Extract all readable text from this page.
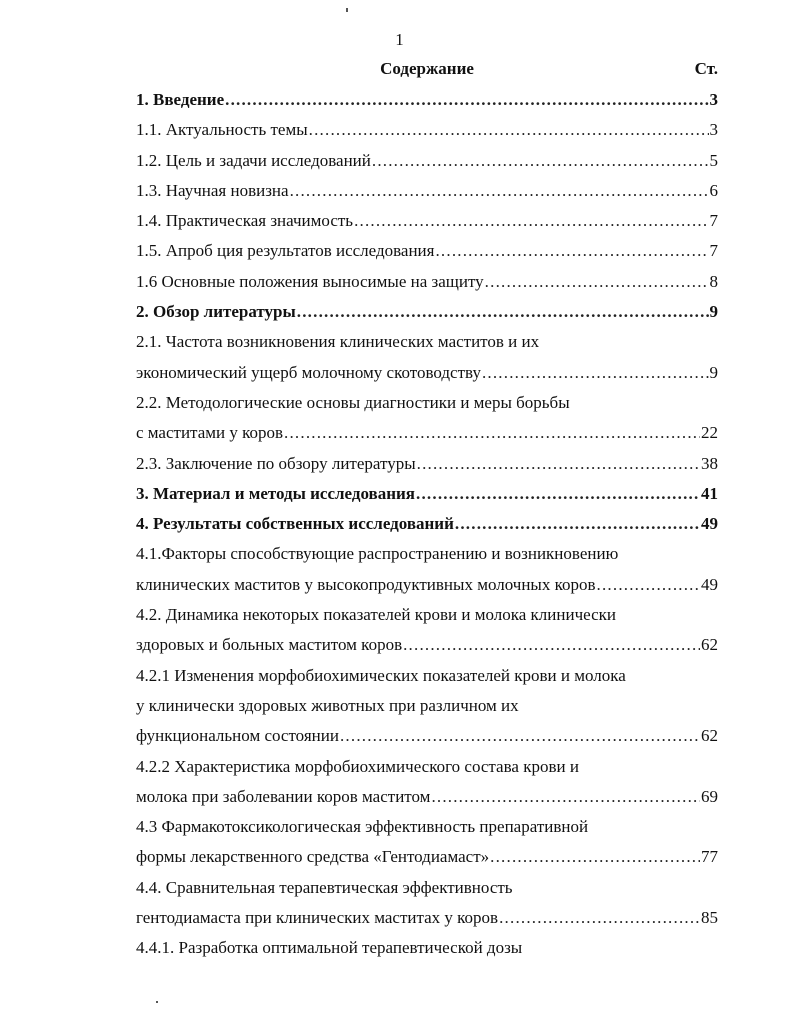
1
Содержание	Ст.
1. Введение .....	3
1.1. Актуальность темы .....	3
1.2. Цель и задачи исследований .....	5
1.3. Научная новизна .....	6
1.4. Практическая значимость .....	7
1.5. Апроб ция результатов исследования .....	7
1.6 Основные положения выносимые на защиту .....	8
2. Обзор литературы .....	9
2.1. Частота возникновения клинических маститов и их
экономический ущерб молочному скотоводству .....	9
2.2. Методологические основы диагностики и меры борьбы
с маститами у коров .....	22
2.3. Заключение по обзору литературы .....	38
3. Материал и методы исследования .....	41
4. Результаты собственных исследований .....	49
4.1.Факторы способствующие распространению и возникновению
клинических маститов у высокопродуктивных молочных коров .....	49
4.2. Динамика некоторых показателей крови и молока клинически
здоровых и больных маститом коров .....	62
4.2.1 Изменения морфобиохимических показателей крови и молока
у клинически здоровых животных при различном их
функциональном состоянии .....	62
4.2.2 Характеристика морфобиохимического состава крови и
молока при заболевании коров маститом .....	69
4.3 Фармакотоксикологическая эффективность препаративной
формы лекарственного средства «Гентодиамаст» .....	77
4.4. Сравнительная терапевтическая эффективность
гентодиамаста при клинических маститах у коров .....	85
4.4.1. Разработка оптимальной терапевтической дозы
